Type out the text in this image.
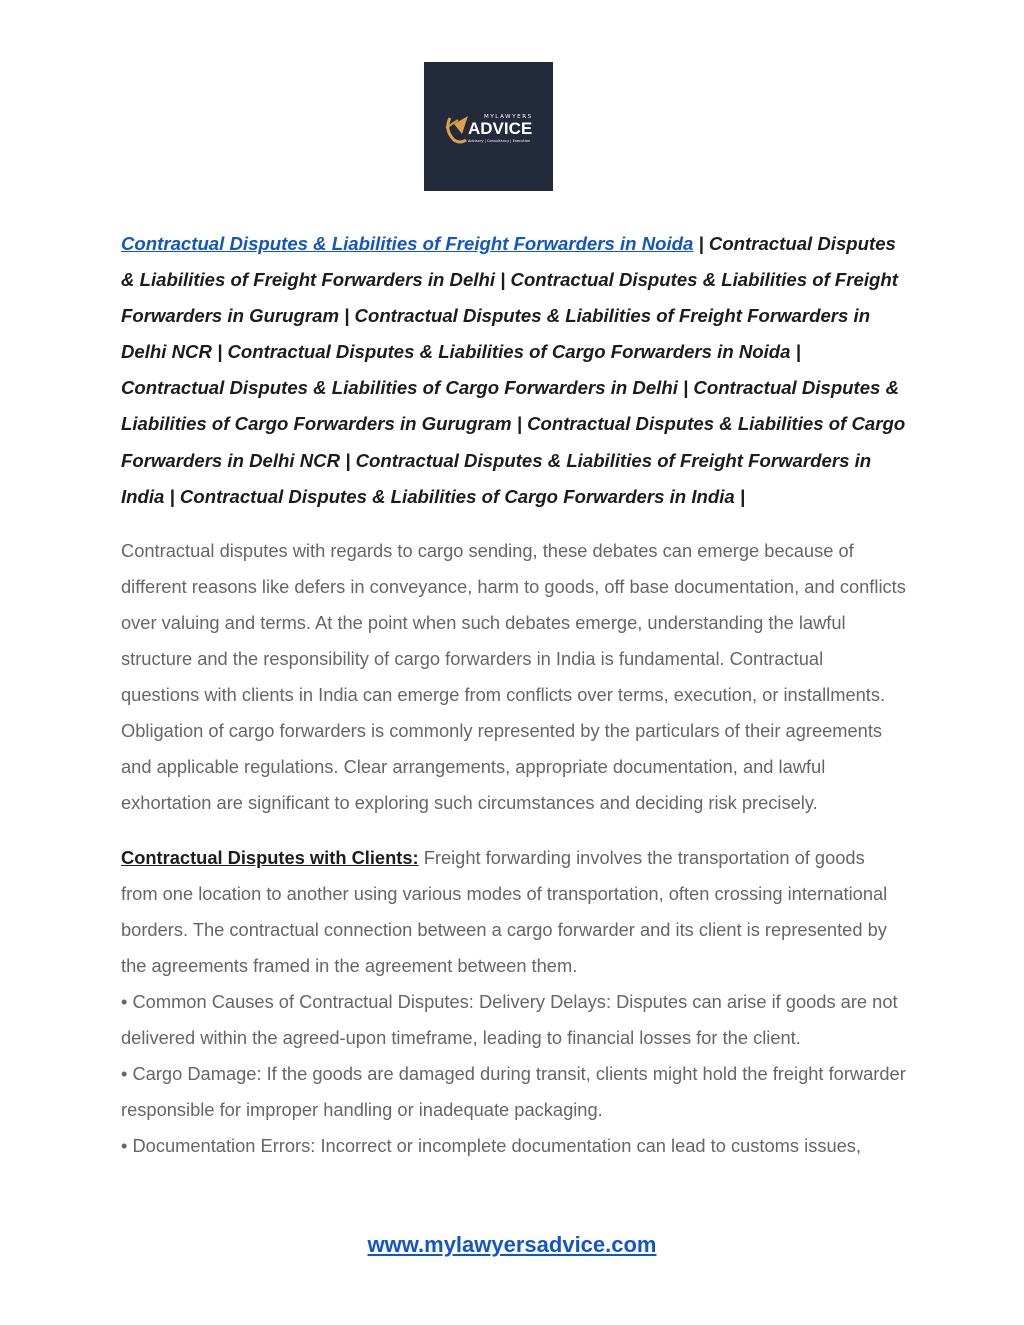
MYLAWYERS
ADVICE
Advisory | Consultancy | Execution

Contractual Disputes & Liabilities of Freight Forwarders in Noida | Contractual Disputes & Liabilities of Freight Forwarders in Delhi | Contractual Disputes & Liabilities of Freight Forwarders in Gurugram | Contractual Disputes & Liabilities of Freight Forwarders in Delhi NCR | Contractual Disputes & Liabilities of Cargo Forwarders in Noida | Contractual Disputes & Liabilities of Cargo Forwarders in Delhi | Contractual Disputes & Liabilities of Cargo Forwarders in Gurugram | Contractual Disputes & Liabilities of Cargo Forwarders in Delhi NCR | Contractual Disputes & Liabilities of Freight Forwarders in India | Contractual Disputes & Liabilities of Cargo Forwarders in India |

Contractual disputes with regards to cargo sending, these debates can emerge because of different reasons like defers in conveyance, harm to goods, off base documentation, and conflicts over valuing and terms. At the point when such debates emerge, understanding the lawful structure and the responsibility of cargo forwarders in India is fundamental. Contractual questions with clients in India can emerge from conflicts over terms, execution, or installments. Obligation of cargo forwarders is commonly represented by the particulars of their agreements and applicable regulations. Clear arrangements, appropriate documentation, and lawful exhortation are significant to exploring such circumstances and deciding risk precisely.

Contractual Disputes with Clients: Freight forwarding involves the transportation of goods from one location to another using various modes of transportation, often crossing international borders. The contractual connection between a cargo forwarder and its client is represented by the agreements framed in the agreement between them.
• Common Causes of Contractual Disputes: Delivery Delays: Disputes can arise if goods are not delivered within the agreed-upon timeframe, leading to financial losses for the client.
• Cargo Damage: If the goods are damaged during transit, clients might hold the freight forwarder responsible for improper handling or inadequate packaging.
• Documentation Errors: Incorrect or incomplete documentation can lead to customs issues,

www.mylawyersadvice.com
